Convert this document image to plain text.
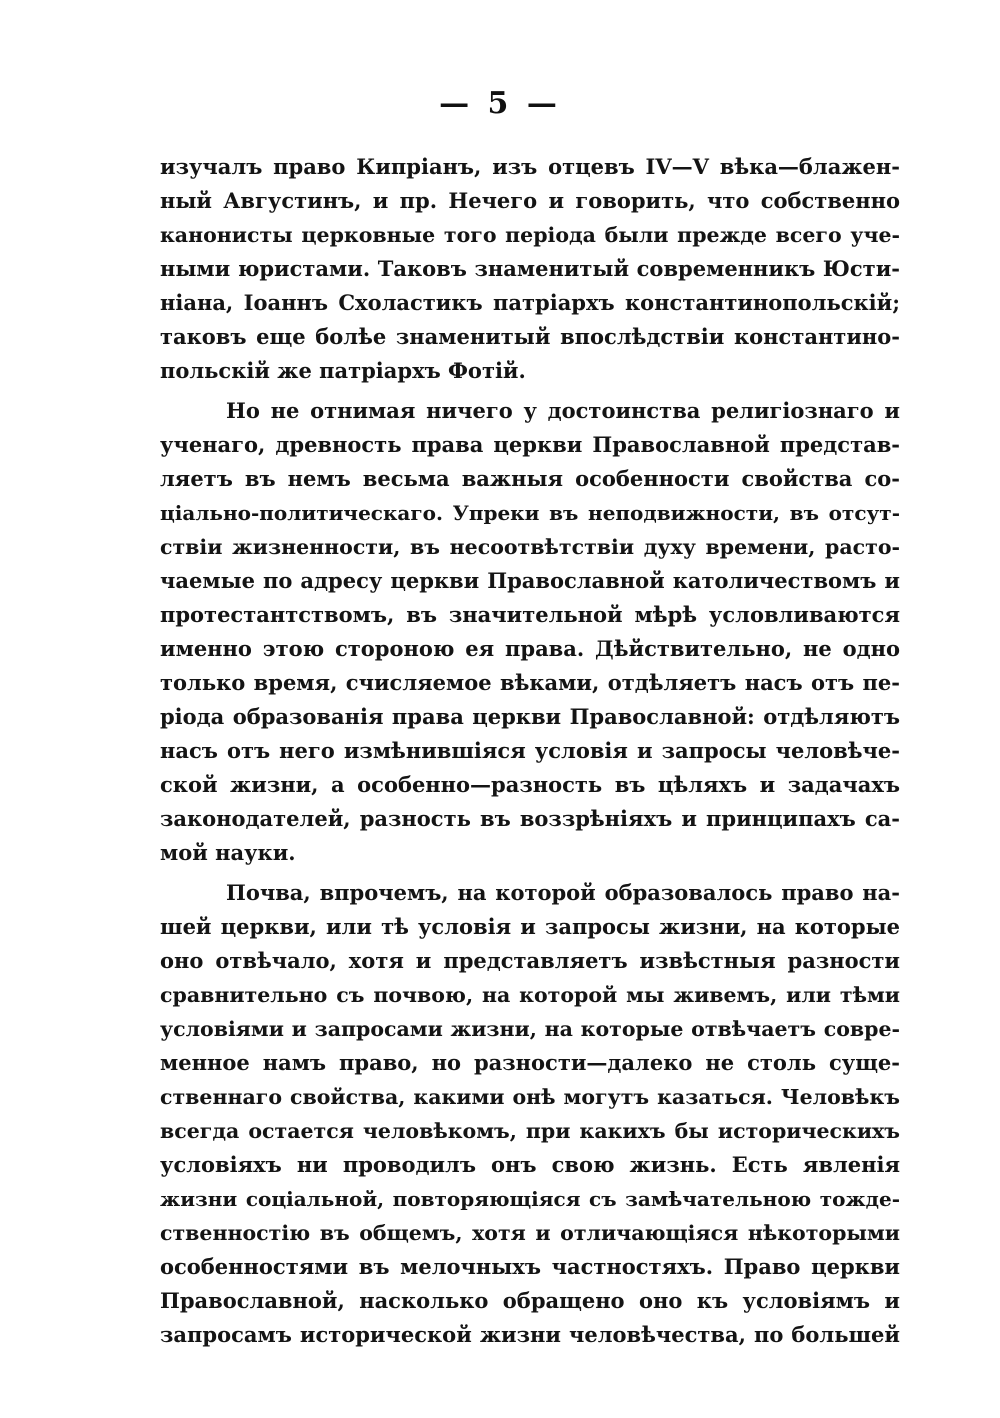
— 5 —
изучалъ право Кипріанъ, изъ отцевъ IV—V вѣка—блажен-
ный Августинъ, и пр. Нечего и говорить, что собственно
канонисты церковные того періода были прежде всего уче-
ными юристами. Таковъ знаменитый современникъ Юсти-
ніана, Іоаннъ Схоластикъ патріархъ константинопольскій;
таковъ еще болѣе знаменитый впослѣдствіи константино-
польскій же патріархъ Фотій.
Но не отнимая ничего у достоинства религіознаго и
ученаго, древность права церкви Православной представ-
ляетъ въ немъ весьма важныя особенности свойства со-
ціально-политическаго. Упреки въ неподвижности, въ отсут-
ствіи жизненности, въ несоотвѣтствіи духу времени, расто-
чаемые по адресу церкви Православной католичествомъ и
протестантствомъ, въ значительной мѣрѣ условливаются
именно этою стороною ея права. Дѣйствительно, не одно
только время, счисляемое вѣками, отдѣляетъ насъ отъ пе-
ріода образованія права церкви Православной: отдѣляютъ
насъ отъ него измѣнившіяся условія и запросы человѣче-
ской жизни, а особенно—разность въ цѣляхъ и задачахъ
законодателей, разность въ воззрѣніяхъ и принципахъ са-
мой науки.
Почва, впрочемъ, на которой образовалось право на-
шей церкви, или тѣ условія и запросы жизни, на которые
оно отвѣчало, хотя и представляетъ извѣстныя разности
сравнительно съ почвою, на которой мы живемъ, или тѣми
условіями и запросами жизни, на которые отвѣчаетъ совре-
менное намъ право, но разности—далеко не столь суще-
ственнаго свойства, какими онѣ могутъ казаться. Человѣкъ
всегда остается человѣкомъ, при какихъ бы историческихъ
условіяхъ ни проводилъ онъ свою жизнь. Есть явленія
жизни соціальной, повторяющіяся съ замѣчательною тожде-
ственностію въ общемъ, хотя и отличающіяся нѣкоторыми
особенностями въ мелочныхъ частностяхъ. Право церкви
Православной, насколько обращено оно къ условіямъ и
запросамъ исторической жизни человѣчества, по большей
